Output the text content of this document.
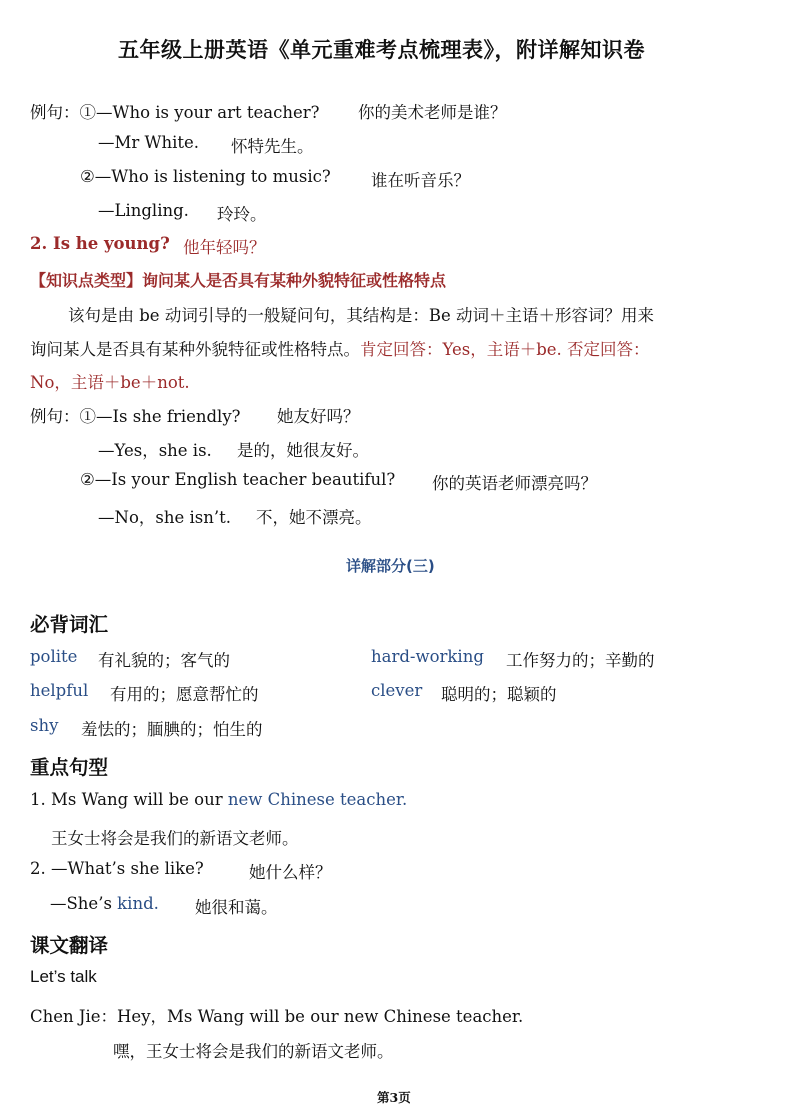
五年级上册英语《单元重难考点梳理表》，附详解知识卷
例句：①—Who is your art teacher? 你的美术老师是谁？
—Mr White. 怀特先生。
②—Who is listening to music? 谁在听音乐？
—Lingling. 玲玲。
2. Is he young? 他年轻吗？
【知识点类型】询问某人是否具有某种外貌特征或性格特点
该句是由 be 动词引导的一般疑问句，其结构是：Be 动词＋主语＋形容词？用来
询问某人是否具有某种外貌特征或性格特点。肯定回答：Yes，主语＋be. 否定回答：
No，主语＋be＋not.
例句：①—Is she friendly? 她友好吗？
—Yes，she is. 是的，她很友好。
②—Is your English teacher beautiful? 你的英语老师漂亮吗？
—No，she isn’t. 不，她不漂亮。
详解部分(三)
必背词汇
polite 有礼貌的；客气的	hard-working 工作努力的；辛勤的
helpful 有用的；愿意帮忙的	clever 聪明的；聪颖的
shy 羞怯的；腼腆的；怕生的
重点句型
1. Ms Wang will be our new Chinese teacher.
王女士将会是我们的新语文老师。
2. —What’s she like?	她什么样？
—She’s kind. 她很和蔼。
课文翻译
Let’s talk
Chen Jie：Hey，Ms Wang will be our new Chinese teacher.
嘿，王女士将会是我们的新语文老师。
第3页
